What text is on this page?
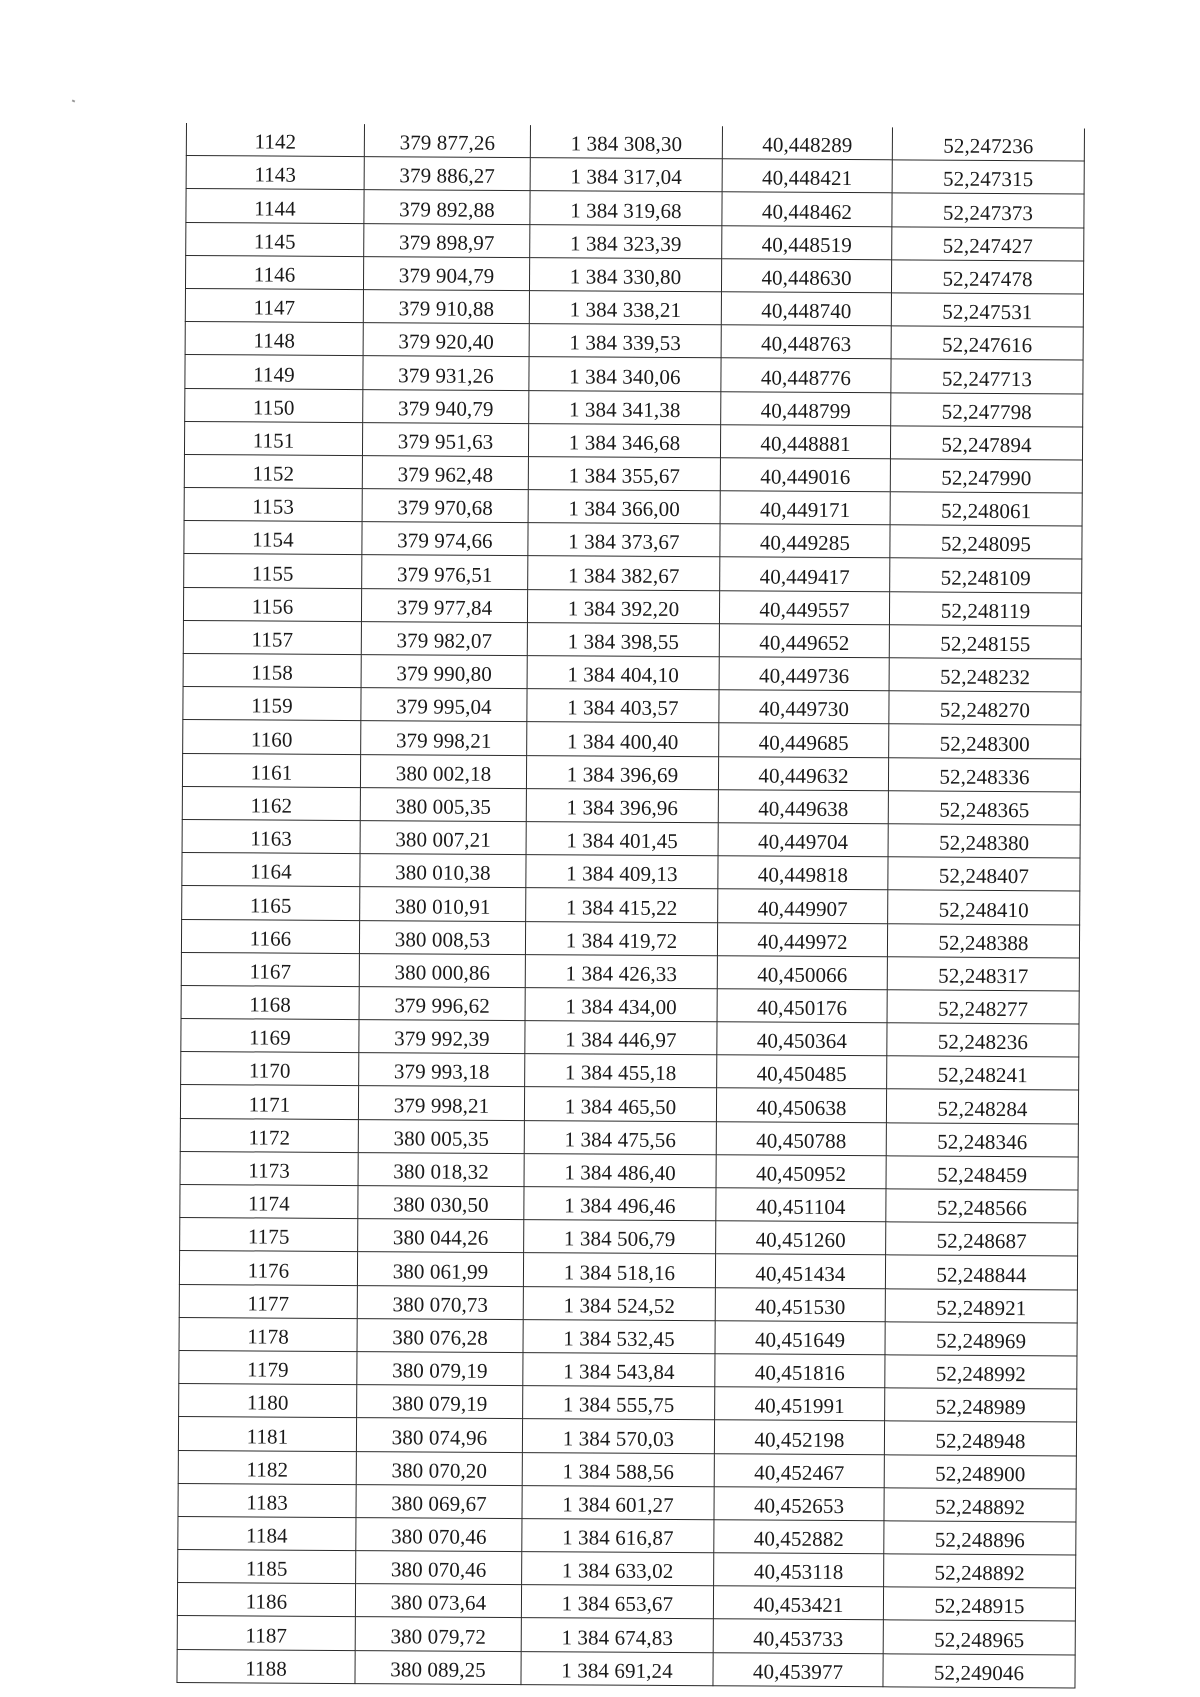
1142	379 877,26	1 384 308,30	40,448289	52,247236
1143	379 886,27	1 384 317,04	40,448421	52,247315
1144	379 892,88	1 384 319,68	40,448462	52,247373
1145	379 898,97	1 384 323,39	40,448519	52,247427
1146	379 904,79	1 384 330,80	40,448630	52,247478
1147	379 910,88	1 384 338,21	40,448740	52,247531
1148	379 920,40	1 384 339,53	40,448763	52,247616
1149	379 931,26	1 384 340,06	40,448776	52,247713
1150	379 940,79	1 384 341,38	40,448799	52,247798
1151	379 951,63	1 384 346,68	40,448881	52,247894
1152	379 962,48	1 384 355,67	40,449016	52,247990
1153	379 970,68	1 384 366,00	40,449171	52,248061
1154	379 974,66	1 384 373,67	40,449285	52,248095
1155	379 976,51	1 384 382,67	40,449417	52,248109
1156	379 977,84	1 384 392,20	40,449557	52,248119
1157	379 982,07	1 384 398,55	40,449652	52,248155
1158	379 990,80	1 384 404,10	40,449736	52,248232
1159	379 995,04	1 384 403,57	40,449730	52,248270
1160	379 998,21	1 384 400,40	40,449685	52,248300
1161	380 002,18	1 384 396,69	40,449632	52,248336
1162	380 005,35	1 384 396,96	40,449638	52,248365
1163	380 007,21	1 384 401,45	40,449704	52,248380
1164	380 010,38	1 384 409,13	40,449818	52,248407
1165	380 010,91	1 384 415,22	40,449907	52,248410
1166	380 008,53	1 384 419,72	40,449972	52,248388
1167	380 000,86	1 384 426,33	40,450066	52,248317
1168	379 996,62	1 384 434,00	40,450176	52,248277
1169	379 992,39	1 384 446,97	40,450364	52,248236
1170	379 993,18	1 384 455,18	40,450485	52,248241
1171	379 998,21	1 384 465,50	40,450638	52,248284
1172	380 005,35	1 384 475,56	40,450788	52,248346
1173	380 018,32	1 384 486,40	40,450952	52,248459
1174	380 030,50	1 384 496,46	40,451104	52,248566
1175	380 044,26	1 384 506,79	40,451260	52,248687
1176	380 061,99	1 384 518,16	40,451434	52,248844
1177	380 070,73	1 384 524,52	40,451530	52,248921
1178	380 076,28	1 384 532,45	40,451649	52,248969
1179	380 079,19	1 384 543,84	40,451816	52,248992
1180	380 079,19	1 384 555,75	40,451991	52,248989
1181	380 074,96	1 384 570,03	40,452198	52,248948
1182	380 070,20	1 384 588,56	40,452467	52,248900
1183	380 069,67	1 384 601,27	40,452653	52,248892
1184	380 070,46	1 384 616,87	40,452882	52,248896
1185	380 070,46	1 384 633,02	40,453118	52,248892
1186	380 073,64	1 384 653,67	40,453421	52,248915
1187	380 079,72	1 384 674,83	40,453733	52,248965
1188	380 089,25	1 384 691,24	40,453977	52,249046
